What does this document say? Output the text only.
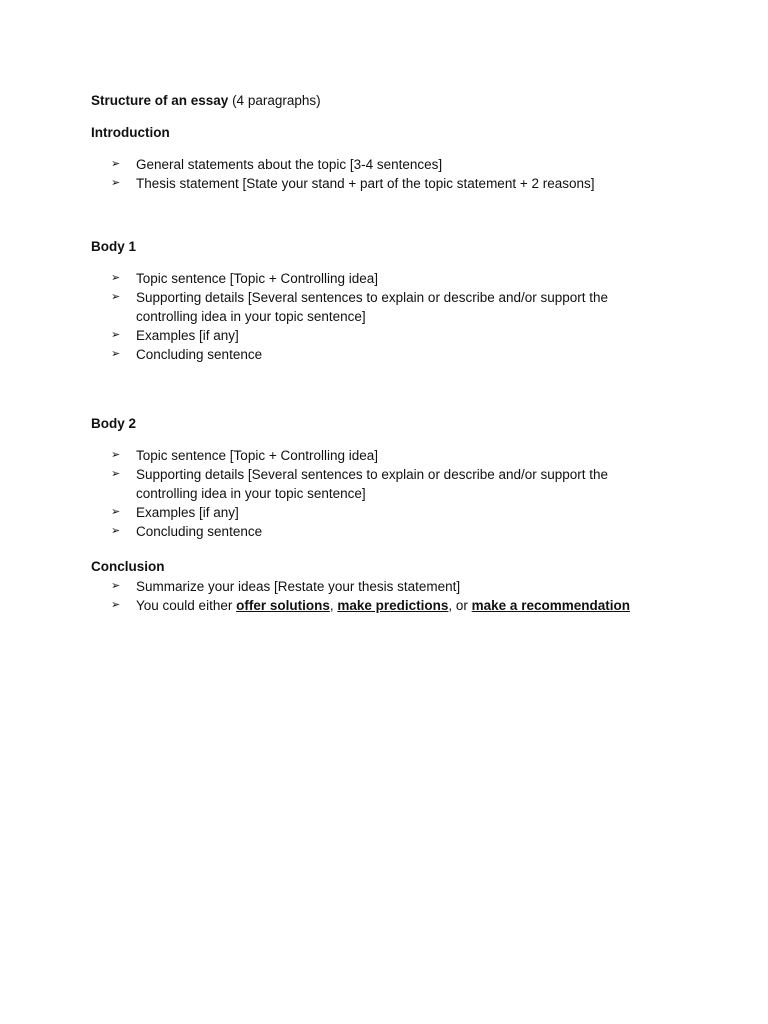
Structure of an essay (4 paragraphs)

Introduction

➢ General statements about the topic [3-4 sentences]
➢ Thesis statement [State your stand + part of the topic statement + 2 reasons]

Body 1

➢ Topic sentence [Topic + Controlling idea]
➢ Supporting details [Several sentences to explain or describe and/or support the controlling idea in your topic sentence]
➢ Examples [if any]
➢ Concluding sentence

Body 2

➢ Topic sentence [Topic + Controlling idea]
➢ Supporting details [Several sentences to explain or describe and/or support the controlling idea in your topic sentence]
➢ Examples [if any]
➢ Concluding sentence

Conclusion

➢ Summarize your ideas [Restate your thesis statement]
➢ You could either offer solutions, make predictions, or make a recommendation
